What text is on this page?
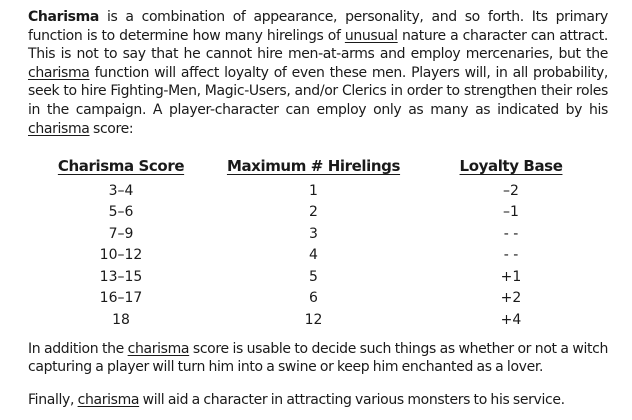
Charisma is a combination of appearance, personality, and so forth. Its primary function is to determine how many hirelings of unusual nature a character can attract. This is not to say that he cannot hire men-at-arms and employ mercenaries, but the charisma function will affect loyalty of even these men. Players will, in all probability, seek to hire Fighting-Men, Magic-Users, and/or Clerics in order to strengthen their roles in the campaign. A player-character can employ only as many as indicated by his charisma score:

Charisma Score	Maximum # Hirelings	Loyalty Base
3–4	1	–2
5–6	2	–1
7–9	3	- -
10–12	4	- -
13–15	5	+1
16–17	6	+2
18	12	+4

In addition the charisma score is usable to decide such things as whether or not a witch capturing a player will turn him into a swine or keep him enchanted as a lover.

Finally, charisma will aid a character in attracting various monsters to his service.
